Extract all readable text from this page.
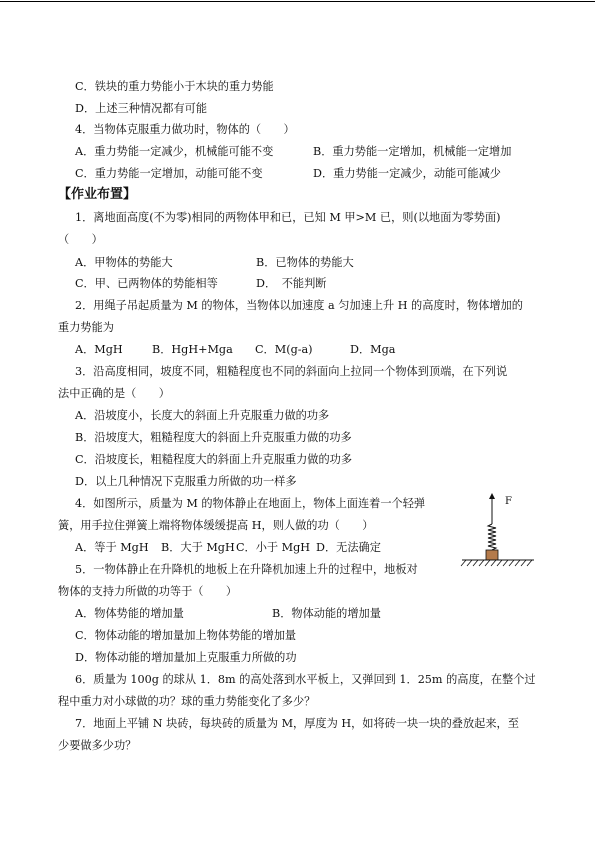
C．铁块的重力势能小于木块的重力势能
D．上述三种情况都有可能
4．当物体克服重力做功时，物体的（　　）
A．重力势能一定减少，机械能可能不变	B．重力势能一定增加，机械能一定增加
C．重力势能一定增加，动能可能不变	D．重力势能一定减少，动能可能减少
【作业布置】
1．离地面高度(不为零)相同的两物体甲和已，已知 M 甲>M 已，则(以地面为零势面)
（　　）
A．甲物体的势能大	B．已物体的势能大
C．甲、已两物体的势能相等	D．　不能判断
2．用绳子吊起质量为 M 的物体，当物体以加速度 a 匀加速上升 H 的高度时，物体增加的
重力势能为
A．MgH	B．HgH+Mga C．M(g-a)	D．Mga
3．沿高度相同，坡度不同，粗糙程度也不同的斜面向上拉同一个物体到顶端，在下列说
法中正确的是（　　）
A．沿坡度小，长度大的斜面上升克服重力做的功多
B．沿坡度大，粗糙程度大的斜面上升克服重力做的功多
C．沿坡度长，粗糙程度大的斜面上升克服重力做的功多
D．以上几种情况下克服重力所做的功一样多
4．如图所示，质量为 M 的物体静止在地面上，物体上面连着一个轻弹
簧，用手拉住弹簧上端将物体缓缓提高 H，则人做的功（　　）
A．等于 MgH B．大于 MgH C．小于 MgH D．无法确定
F
5．一物体静止在升降机的地板上在升降机加速上升的过程中，地板对
物体的支持力所做的功等于（　　）
A．物体势能的增加量	B．物体动能的增加量
C．物体动能的增加量加上物体势能的增加量
D．物体动能的增加量加上克服重力所做的功
6．质量为 100g 的球从 1．8m 的高处落到水平板上，又弹回到 1．25m 的高度，在整个过
程中重力对小球做的功？球的重力势能变化了多少？
7．地面上平铺 N 块砖，每块砖的质量为 M，厚度为 H，如将砖一块一块的叠放起来，至
少要做多少功？
